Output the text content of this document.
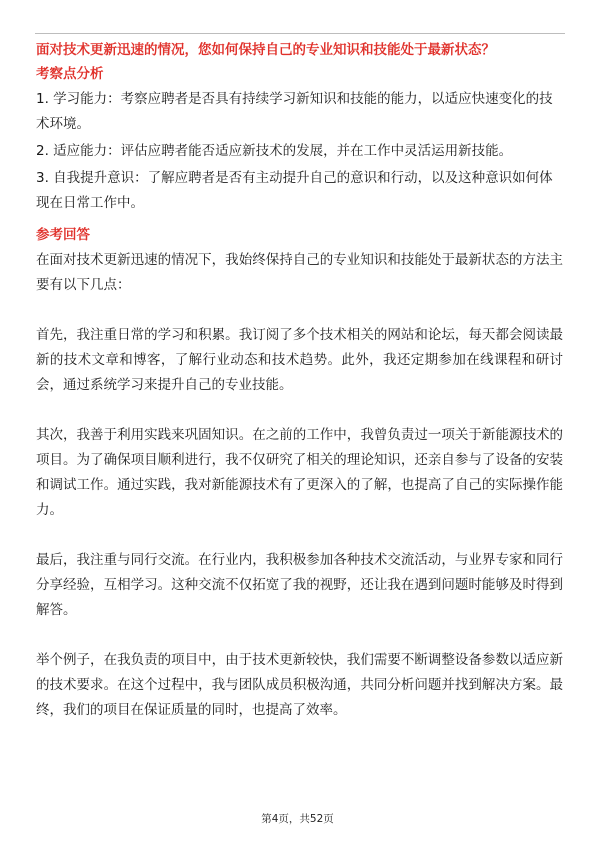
面对技术更新迅速的情况，您如何保持自己的专业知识和技能处于最新状态？
考察点分析

1. 学习能力：考察应聘者是否具有持续学习新知识和技能的能力，以适应快速变化的技术环境。

2. 适应能力：评估应聘者能否适应新技术的发展，并在工作中灵活运用新技能。

3. 自我提升意识：了解应聘者是否有主动提升自己的意识和行动，以及这种意识如何体现在日常工作中。

参考回答

在面对技术更新迅速的情况下，我始终保持自己的专业知识和技能处于最新状态的方法主要有以下几点：

首先，我注重日常的学习和积累。我订阅了多个技术相关的网站和论坛，每天都会阅读最新的技术文章和博客，了解行业动态和技术趋势。此外，我还定期参加在线课程和研讨会，通过系统学习来提升自己的专业技能。

其次，我善于利用实践来巩固知识。在之前的工作中，我曾负责过一项关于新能源技术的项目。为了确保项目顺利进行，我不仅研究了相关的理论知识，还亲自参与了设备的安装和调试工作。通过实践，我对新能源技术有了更深入的了解，也提高了自己的实际操作能力。

最后，我注重与同行交流。在行业内，我积极参加各种技术交流活动，与业界专家和同行分享经验，互相学习。这种交流不仅拓宽了我的视野，还让我在遇到问题时能够及时得到解答。

举个例子，在我负责的项目中，由于技术更新较快，我们需要不断调整设备参数以适应新的技术要求。在这个过程中，我与团队成员积极沟通，共同分析问题并找到解决方案。最终，我们的项目在保证质量的同时，也提高了效率。

第4页，共52页
